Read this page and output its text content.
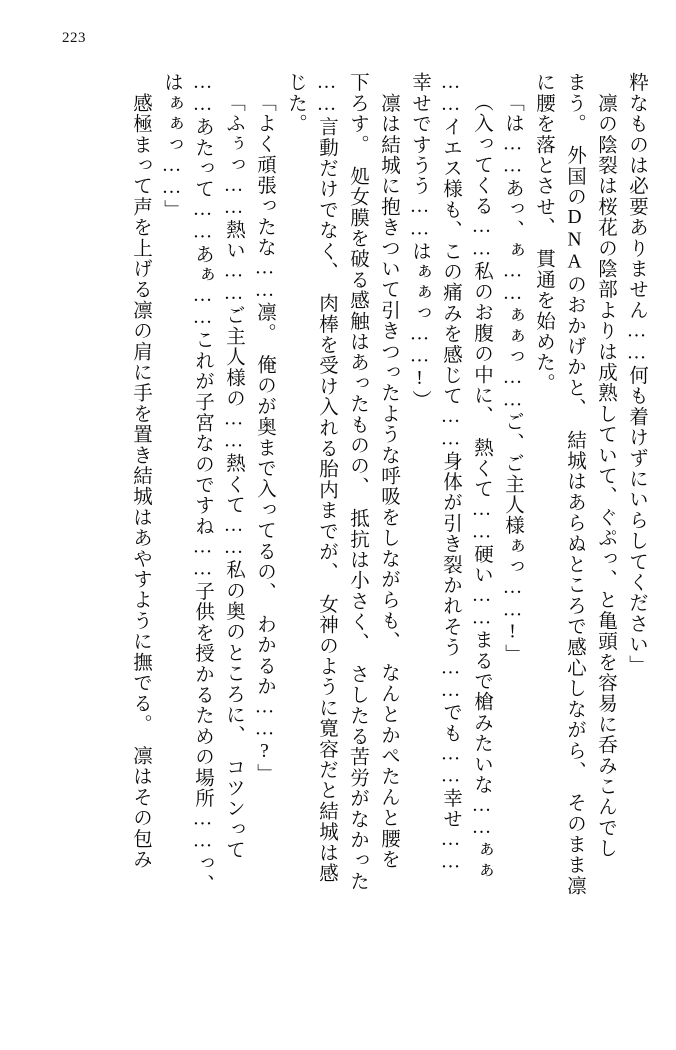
223
粋なものは必要ありません……何も着けずにいらしてください」
　凛の陰裂は桜花の陰部よりは成熟していて、ぐぷっ、と亀頭を容易に呑みこんでし
まう。　外国のDNAのおかげかと、　結城はあらぬところで感心しながら、　そのまま凛
に腰を落とさせ、　貫通を始めた。
「は……あっ、ぁ……ぁぁっ……ご、ご主人様ぁっ……!」
（入ってくる……私のお腹の中に、　熱くて……硬い……まるで槍みたいな……ぁぁ
……イエス様も、この痛みを感じて……身体が引き裂かれそう……でも……幸せ……
幸せですうう……はぁぁっ……!）
　凛は結城に抱きついて引きつったような呼吸をしながらも、　なんとかぺたんと腰を
下ろす。　処女膜を破る感触はあったものの、　抵抗は小さく、　さしたる苦労がなかった
……言動だけでなく、　肉棒を受け入れる胎内までが、　女神のように寛容だと結城は感
じた。
「よく頑張ったな……凛。　俺のが奥まで入ってるの、　わかるか……?」
「ふぅっ……熱い……ご主人様の……熱くて……私の奥のところに、　コツンって
……あたって……あぁ……これが子宮なのですね……子供を授かるための場所……っ、
はぁぁっ……」
　感極まって声を上げる凛の肩に手を置き結城はあやすように撫でる。　凛はその包み
